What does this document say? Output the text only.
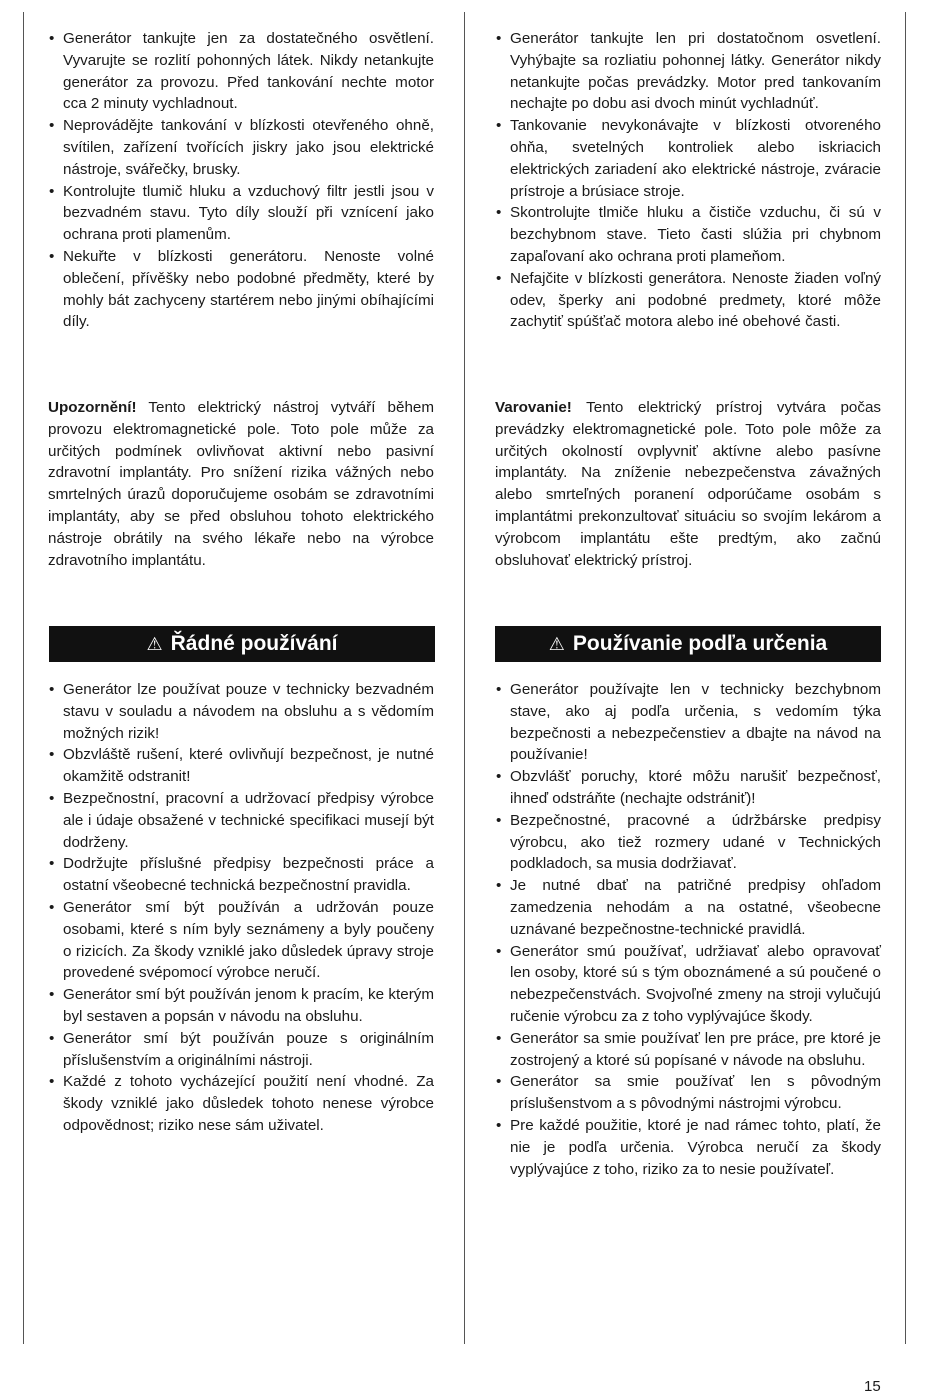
• Generátor tankujte jen za dostatečného osvětlení. Vyvarujte se rozlití pohonných látek. Nikdy netankujte generátor za provozu. Před tankování nechte motor cca 2 minuty vychladnout.
• Neprovádějte tankování v blízkosti otevřeného ohně, svítilen, zařízení tvořících jiskry jako jsou elektrické nástroje, svářečky, brusky.
• Kontrolujte tlumič hluku a vzduchový filtr jestli jsou v bezvadném stavu. Tyto díly slouží při vznícení jako ochrana proti plamenům.
• Nekuřte v blízkosti generátoru. Nenoste volné oblečení, přívěšky nebo podobné předměty, které by mohly bát zachyceny startérem nebo jinými obíhajícími díly.
Upozornění! Tento elektrický nástroj vytváří během provozu elektromagnetické pole. Toto pole může za určitých podmínek ovlivňovat aktivní nebo pasivní zdravotní implantáty. Pro snížení rizika vážných nebo smrtelných úrazů doporučujeme osobám se zdravotními implantáty, aby se před obsluhou tohoto elektrického nástroje obrátily na svého lékaře nebo na výrobce zdravotního implantátu.
⚠ Řádné používání
• Generátor lze používat pouze v technicky bezvadném stavu v souladu a návodem na obsluhu a s vědomím možných rizik!
• Obzvláště rušení, které ovlivňují bezpečnost, je nutné okamžitě odstranit!
• Bezpečnostní, pracovní a udržovací předpisy výrobce ale i údaje obsažené v technické specifikaci musejí být dodrženy.
• Dodržujte příslušné předpisy bezpečnosti práce a ostatní všeobecné technická bezpečnostní pravidla.
• Generátor smí být používán a udržován pouze osobami, které s ním byly seznámeny a byly poučeny o rizicích. Za škody vzniklé jako důsledek úpravy stroje provedené svépomocí výrobce neručí.
• Generátor smí být používán jenom k pracím, ke kterým byl sestaven a popsán v návodu na obsluhu.
• Generátor smí být používán pouze s originálním příslušenstvím a originálními nástroji.
• Každé z tohoto vycházející použití není vhodné. Za škody vzniklé jako důsledek tohoto nenese výrobce odpovědnost; riziko nese sám uživatel.
• Generátor tankujte len pri dostatočnom osvetlení. Vyhýbajte sa rozliatiu pohonnej látky. Generátor nikdy netankujte počas prevádzky. Motor pred tankovaním nechajte po dobu asi dvoch minút vychladnúť.
• Tankovanie nevykonávajte v blízkosti otvoreného ohňa, svetelných kontroliek alebo iskriacich elektrických zariadení ako elektrické nástroje, zváracie prístroje a brúsiace stroje.
• Skontrolujte tlmiče hluku a čističe vzduchu, či sú v bezchybnom stave. Tieto časti slúžia pri chybnom zapaľovaní ako ochrana proti plameňom.
• Nefajčite v blízkosti generátora. Nenoste žiaden voľný odev, šperky ani podobné predmety, ktoré môže zachytiť spúšťač motora alebo iné obehové časti.
Varovanie! Tento elektrický prístroj vytvára počas prevádzky elektromagnetické pole. Toto pole môže za určitých okolností ovplyvniť aktívne alebo pasívne implantáty. Na zníženie nebezpečenstva závažných alebo smrteľných poranení odporúčame osobám s implantátmi prekonzultovať situáciu so svojím lekárom a výrobcom implantátu ešte predtým, ako začnú obsluhovať elektrický prístroj.
⚠ Používanie podľa určenia
• Generátor používajte len v technicky bezchybnom stave, ako aj podľa určenia, s vedomím týka bezpečnosti a nebezpečenstiev a dbajte na návod na používanie!
• Obzvlášť poruchy, ktoré môžu narušiť bezpečnosť, ihneď odstráňte (nechajte odstrániť)!
• Bezpečnostné, pracovné a údržbárske predpisy výrobcu, ako tiež rozmery udané v Technických podkladoch, sa musia dodržiavať.
• Je nutné dbať na patričné predpisy ohľadom zamedzenia nehodám a na ostatné, všeobecne uznávané bezpečnostne-technické pravidlá.
• Generátor smú používať, udržiavať alebo opravovať len osoby, ktoré sú s tým oboznámené a sú poučené o nebezpečenstvách. Svojvoľné zmeny na stroji vylučujú ručenie výrobcu za z toho vyplývajúce škody.
• Generátor sa smie používať len pre práce, pre ktoré je zostrojený a ktoré sú popísané v návode na obsluhu.
• Generátor sa smie používať len s pôvodným príslušenstvom a s pôvodnými nástrojmi výrobcu.
• Pre každé použitie, ktoré je nad rámec tohto, platí, že nie je podľa určenia. Výrobca neručí za škody vyplývajúce z toho, riziko za to nesie používateľ.
15
